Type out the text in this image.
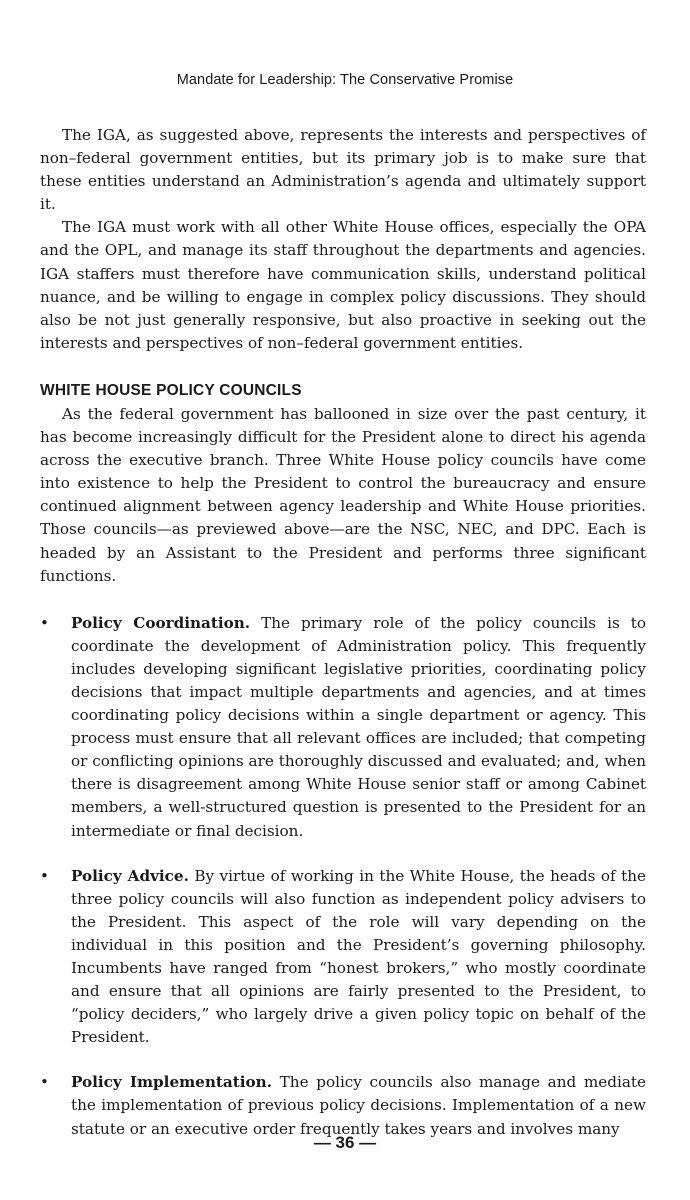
Mandate for Leadership: The Conservative Promise

The IGA, as suggested above, represents the interests and perspectives of non–federal government entities, but its primary job is to make sure that these entities understand an Administration’s agenda and ultimately support it.

The IGA must work with all other White House offices, especially the OPA and the OPL, and manage its staff throughout the departments and agencies. IGA staffers must therefore have communication skills, understand political nuance, and be willing to engage in complex policy discussions. They should also be not just generally responsive, but also proactive in seeking out the interests and perspectives of non–federal government entities.

WHITE HOUSE POLICY COUNCILS

As the federal government has ballooned in size over the past century, it has become increasingly difficult for the President alone to direct his agenda across the executive branch. Three White House policy councils have come into existence to help the President to control the bureaucracy and ensure continued alignment between agency leadership and White House priorities. Those councils—as previewed above—are the NSC, NEC, and DPC. Each is headed by an Assistant to the President and performs three significant functions.

• Policy Coordination. The primary role of the policy councils is to coordinate the development of Administration policy. This frequently includes developing significant legislative priorities, coordinating policy decisions that impact multiple departments and agencies, and at times coordinating policy decisions within a single department or agency. This process must ensure that all relevant offices are included; that competing or conflicting opinions are thoroughly discussed and evaluated; and, when there is disagreement among White House senior staff or among Cabinet members, a well-structured question is presented to the President for an intermediate or final decision.
• Policy Advice. By virtue of working in the White House, the heads of the three policy councils will also function as independent policy advisers to the President. This aspect of the role will vary depending on the individual in this position and the President’s governing philosophy. Incumbents have ranged from “honest brokers,” who mostly coordinate and ensure that all opinions are fairly presented to the President, to “policy deciders,” who largely drive a given policy topic on behalf of the President.
• Policy Implementation. The policy councils also manage and mediate the implementation of previous policy decisions. Implementation of a new statute or an executive order frequently takes years and involves many
— 36 —
